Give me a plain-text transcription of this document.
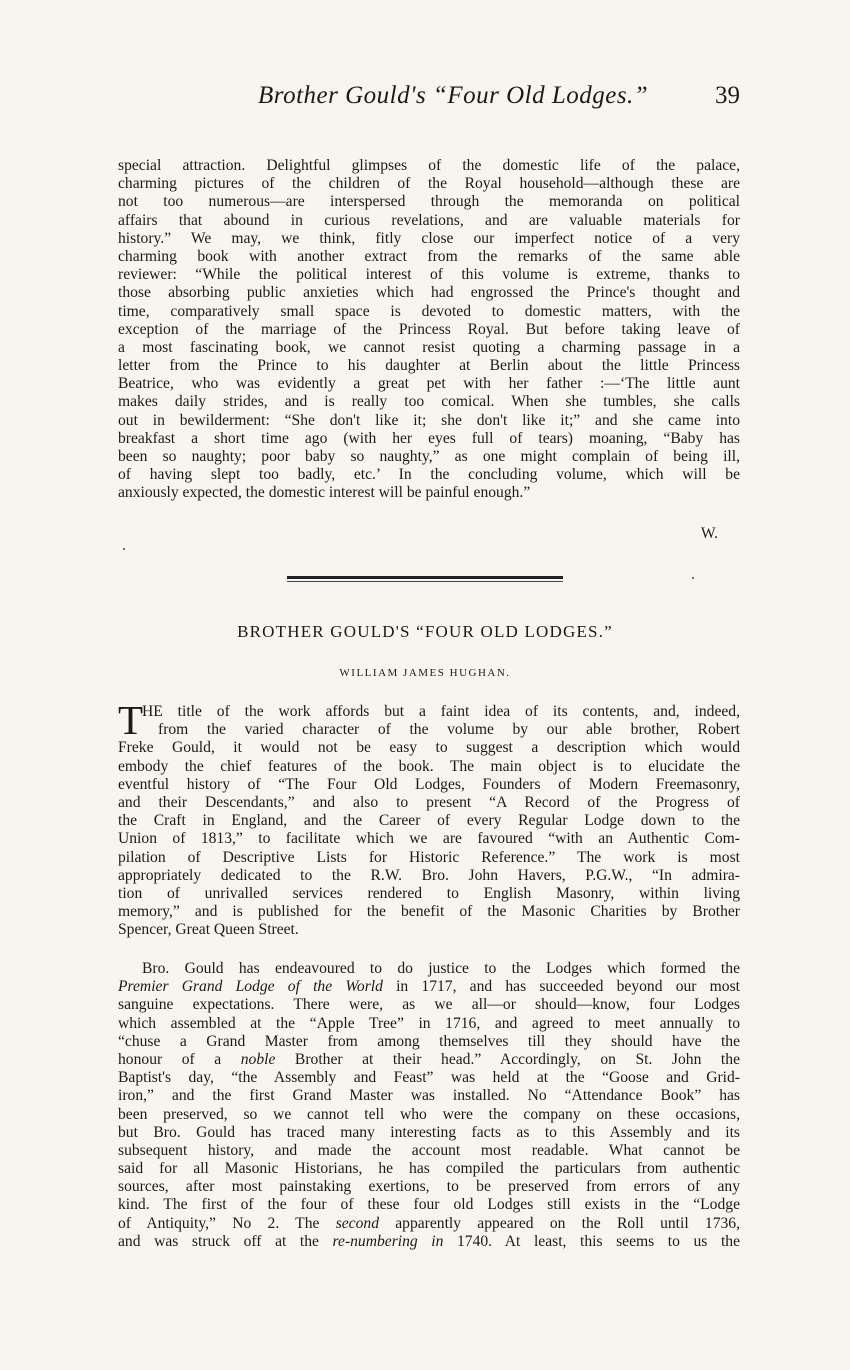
Brother Gould's “Four Old Lodges.”	39
special attraction. Delightful glimpses of the domestic life of the palace,
charming pictures of the children of the Royal household—although these are
not too numerous—are interspersed through the memoranda on political
affairs that abound in curious revelations, and are valuable materials for
history.” We may, we think, fitly close our imperfect notice of a very
charming book with another extract from the remarks of the same able
reviewer: “While the political interest of this volume is extreme, thanks to
those absorbing public anxieties which had engrossed the Prince's thought and
time, comparatively small space is devoted to domestic matters, with the
exception of the marriage of the Princess Royal. But before taking leave of
a most fascinating book, we cannot resist quoting a charming passage in a
letter from the Prince to his daughter at Berlin about the little Princess
Beatrice, who was evidently a great pet with her father :—‘The little aunt
makes daily strides, and is really too comical. When she tumbles, she calls
out in bewilderment: “She don't like it; she don't like it;” and she came into
breakfast a short time ago (with her eyes full of tears) moaning, “Baby has
been so naughty; poor baby so naughty,” as one might complain of being ill,
of having slept too badly, etc.’ In the concluding volume, which will be
anxiously expected, the domestic interest will be painful enough.”
W.
BROTHER GOULD'S “FOUR OLD LODGES.”
WILLIAM JAMES HUGHAN.
T
HE title of the work affords but a faint idea of its contents, and, indeed,
from the varied character of the volume by our able brother, Robert
Freke Gould, it would not be easy to suggest a description which would
embody the chief features of the book. The main object is to elucidate the
eventful history of “The Four Old Lodges, Founders of Modern Freemasonry,
and their Descendants,” and also to present “A Record of the Progress of
the Craft in England, and the Career of every Regular Lodge down to the
Union of 1813,” to facilitate which we are favoured “with an Authentic Com-
pilation of Descriptive Lists for Historic Reference.” The work is most
appropriately dedicated to the R.W. Bro. John Havers, P.G.W., “In admira-
tion of unrivalled services rendered to English Masonry, within living
memory,” and is published for the benefit of the Masonic Charities by Brother
Spencer, Great Queen Street.
Bro. Gould has endeavoured to do justice to the Lodges which formed the
Premier Grand Lodge of the World in 1717, and has succeeded beyond our most
sanguine expectations. There were, as we all—or should—know, four Lodges
which assembled at the “Apple Tree” in 1716, and agreed to meet annually to
“chuse a Grand Master from among themselves till they should have the
honour of a noble Brother at their head.” Accordingly, on St. John the
Baptist's day, “the Assembly and Feast” was held at the “Goose and Grid-
iron,” and the first Grand Master was installed. No “Attendance Book” has
been preserved, so we cannot tell who were the company on these occasions,
but Bro. Gould has traced many interesting facts as to this Assembly and its
subsequent history, and made the account most readable. What cannot be
said for all Masonic Historians, he has compiled the particulars from authentic
sources, after most painstaking exertions, to be preserved from errors of any
kind. The first of the four of these four old Lodges still exists in the “Lodge
of Antiquity,” No 2. The second apparently appeared on the Roll until 1736,
and was struck off at the re-numbering in 1740. At least, this seems to us the
